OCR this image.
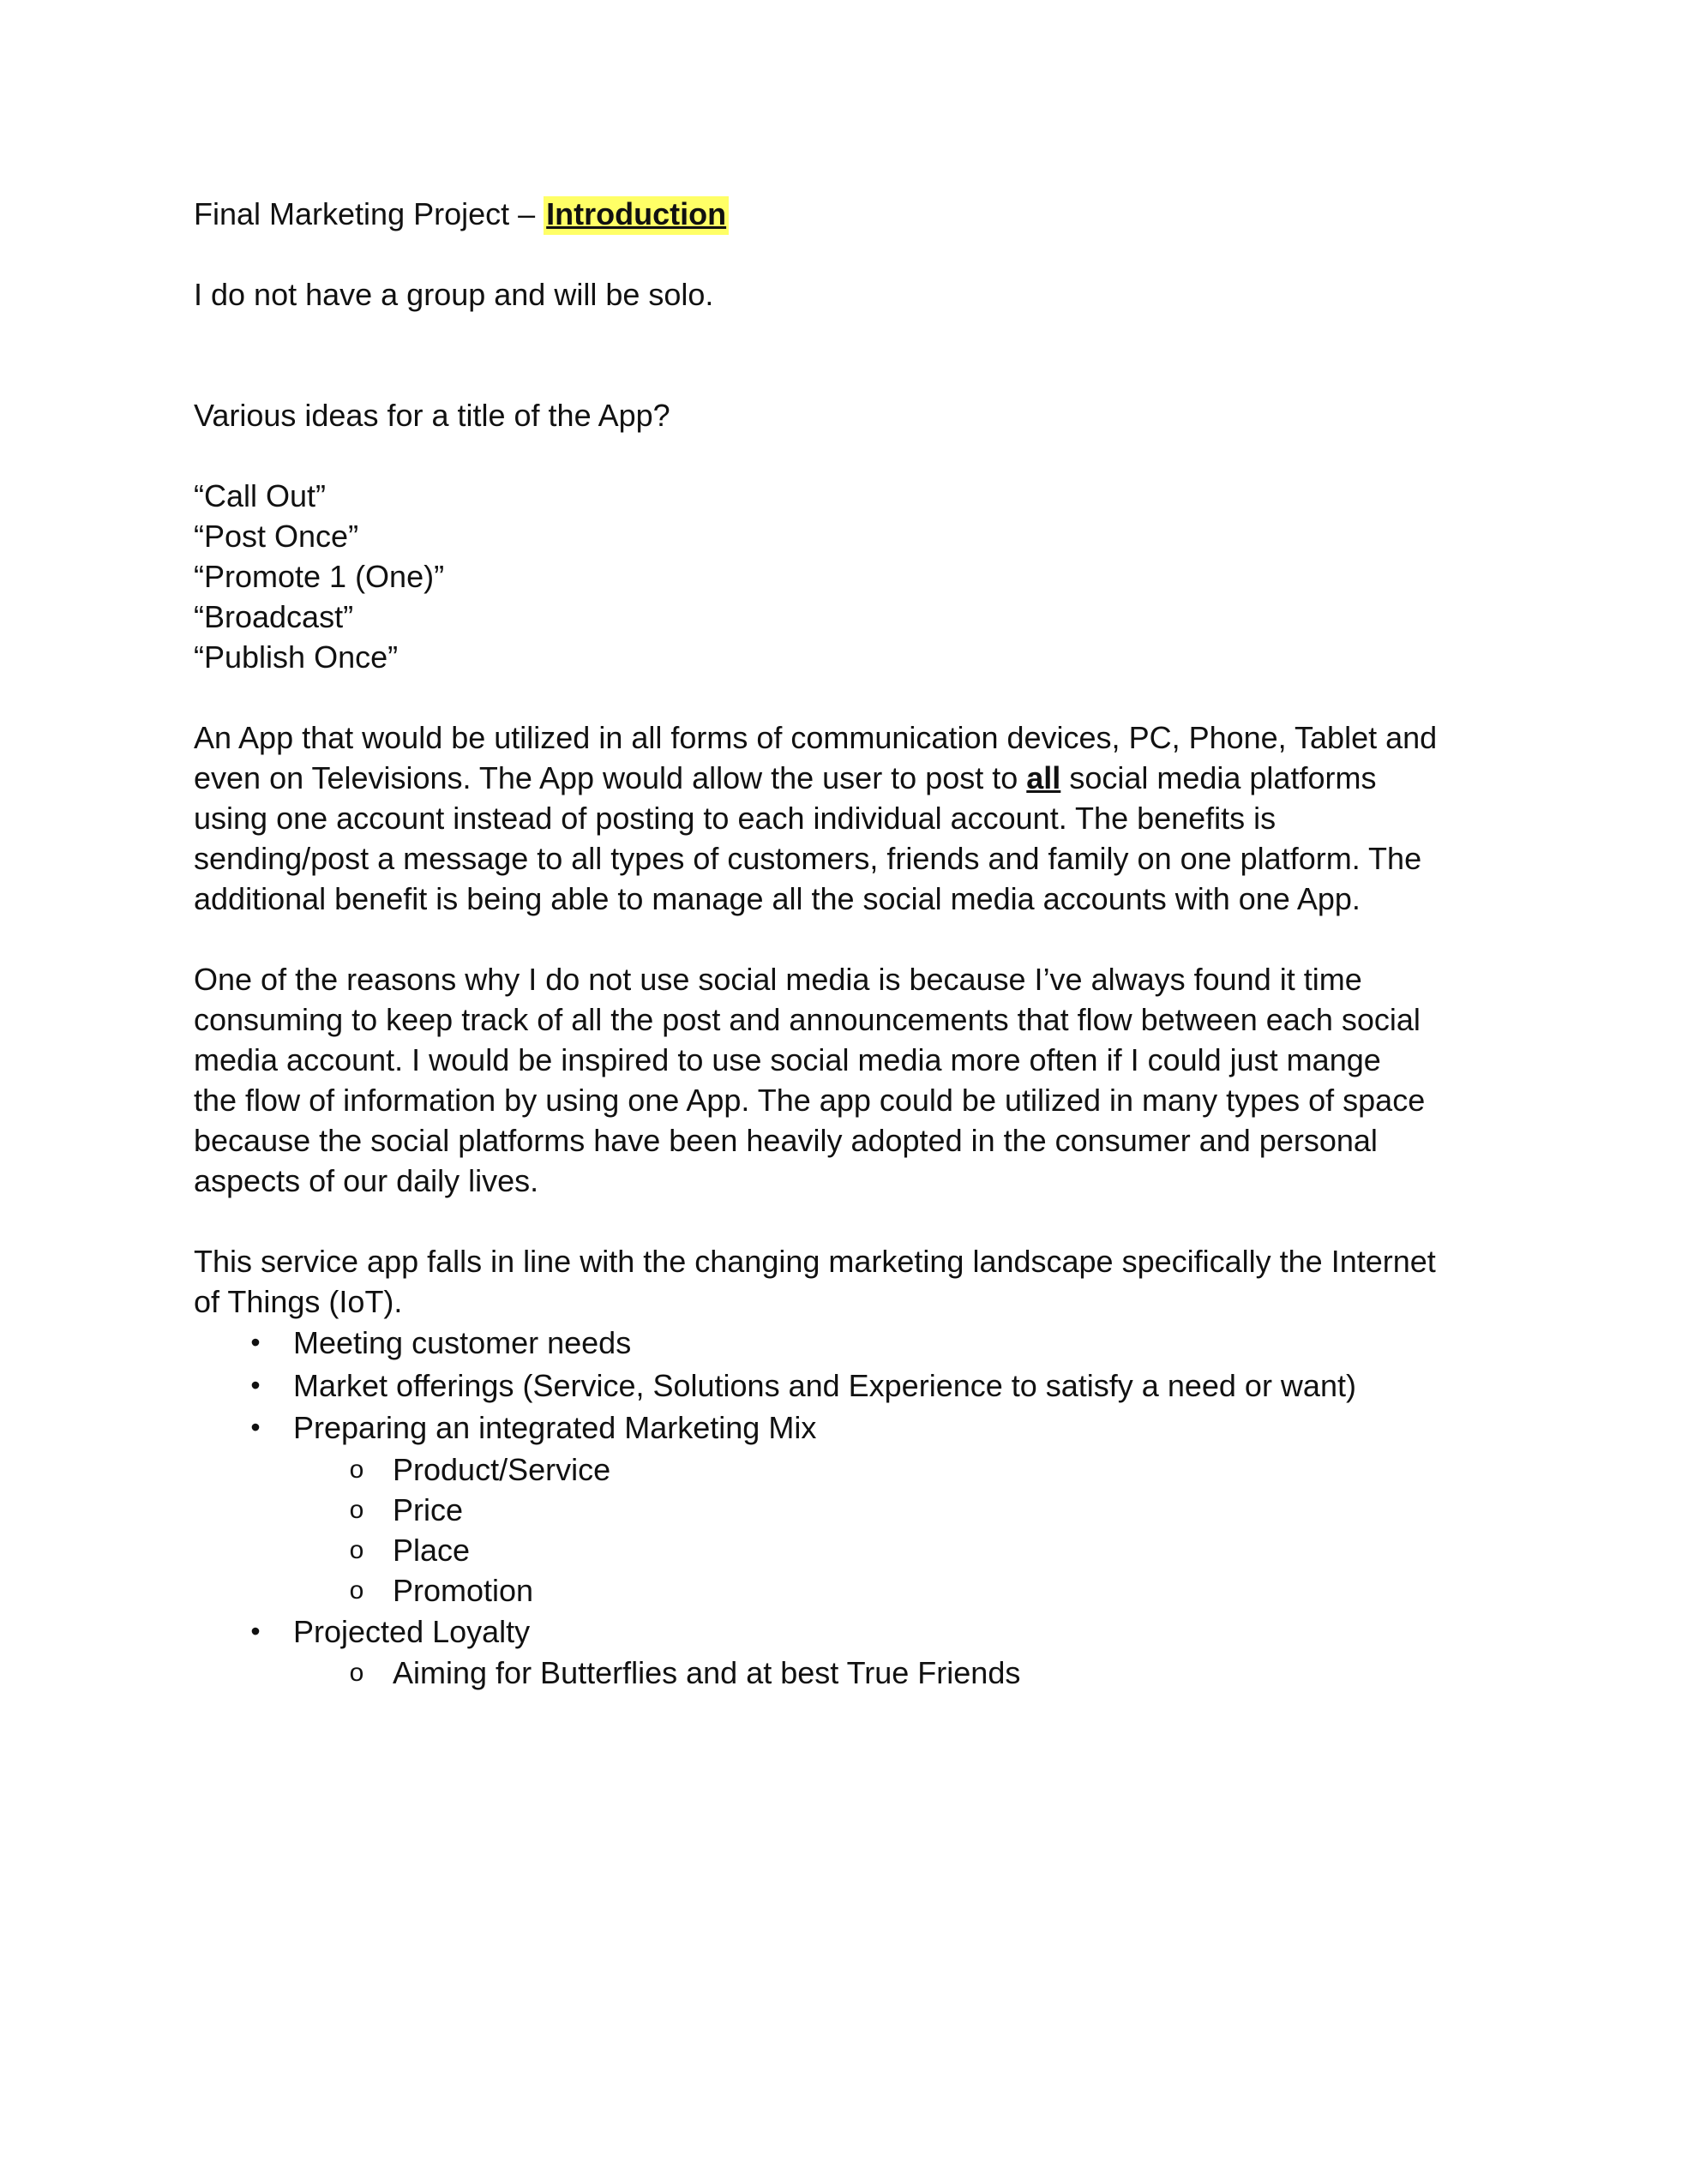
Final Marketing Project – Introduction

I do not have a group and will be solo.

Various ideas for a title of the App?

“Call Out”

“Post Once”

“Promote 1 (One)”

“Broadcast”

“Publish Once”

An App that would be utilized in all forms of communication devices, PC, Phone, Tablet and

even on Televisions. The App would allow the user to post to all social media platforms

using one account instead of posting to each individual account. The benefits is

sending/post a message to all types of customers, friends and family on one platform. The

additional benefit is being able to manage all the social media accounts with one App.

One of the reasons why I do not use social media is because I’ve always found it time

consuming to keep track of all the post and announcements that flow between each social

media account. I would be inspired to use social media more often if I could just mange

the flow of information by using one App. The app could be utilized in many types of space

because the social platforms have been heavily adopted in the consumer and personal

aspects of our daily lives.

This service app falls in line with the changing marketing landscape specifically the Internet

of Things (IoT).

• Meeting customer needs
• Market offerings (Service, Solutions and Experience to satisfy a need or want)
• Preparing an integrated Marketing Mix
o Product/Service
o Price
o Place
o Promotion
• Projected Loyalty
o Aiming for Butterflies and at best True Friends
